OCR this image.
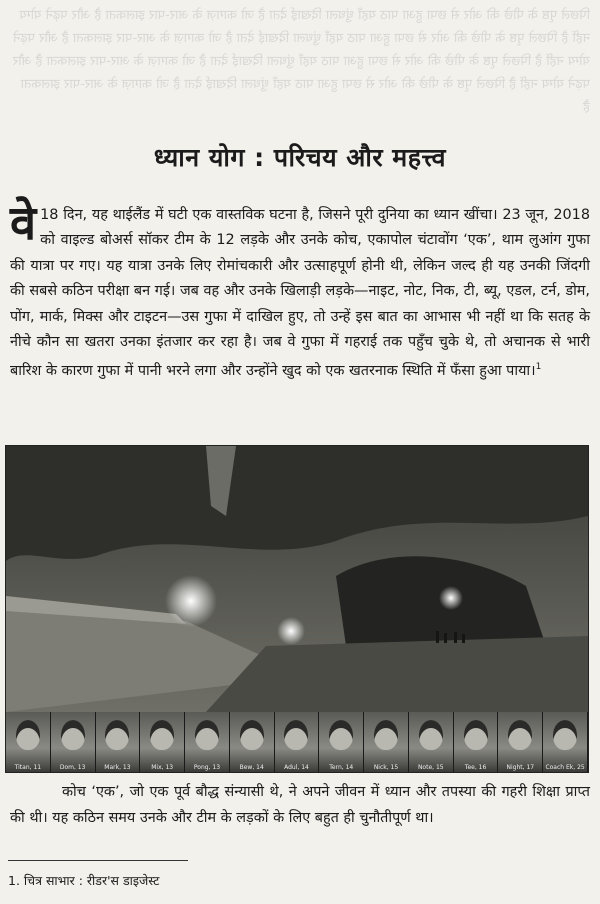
पिछले पृष्ठ के पीछे की ओर से छपा हुआ पाठ यहाँ धुंधला दिखाई देता है जो कागज़ के आर-पार झलकता है और पढ़ने योग्य नहीं है पिछले पृष्ठ के पीछे की ओर से छपा हुआ पाठ यहाँ धुंधला दिखाई देता है जो कागज़ के आर-पार झलकता है और पढ़ने योग्य नहीं है पिछले पृष्ठ के पीछे की ओर से छपा हुआ पाठ यहाँ धुंधला दिखाई देता है जो कागज़ के आर-पार झलकता है और पढ़ने योग्य नहीं है पिछले पृष्ठ के पीछे की ओर से छपा हुआ पाठ यहाँ धुंधला दिखाई देता है जो कागज़ के आर-पार झलकता है
ध्यान योग : परिचय और महत्त्व

वे 18 दिन, यह थाईलैंड में घटी एक वास्तविक घटना है, जिसने पूरी दुनिया का ध्यान खींचा। 23 जून, 2018 को वाइल्ड बोअर्स सॉकर टीम के 12 लड़के और उनके कोच, एकापोल चंटावोंग ‘एक’, थाम लुआंग गुफा की यात्रा पर गए। यह यात्रा उनके लिए रोमांचकारी और उत्साहपूर्ण होनी थी, लेकिन जल्द ही यह उनकी जिंदगी की सबसे कठिन परीक्षा बन गई। जब वह और उनके खिलाड़ी लड़के—नाइट, नोट, निक, टी, ब्यू, एडल, टर्न, डोम, पोंग, मार्क, मिक्स और टाइटन—उस गुफा में दाखिल हुए, तो उन्हें इस बात का आभास भी नहीं था कि सतह के नीचे कौन सा खतरा उनका इंतजार कर रहा है। जब वे गुफा में गहराई तक पहुँच चुके थे, तो अचानक से भारी बारिश के कारण गुफा में पानी भरने लगा और उन्होंने खुद को एक खतरनाक स्थिति में फँसा हुआ पाया।$^1$

Titan, 11	Dom, 13	Mark, 13	Mix, 13	Pong, 13	Bew, 14	Adul, 14	Tern, 14	Nick, 15	Note, 15	Tee, 16	Night, 17	Coach Ek, 25

कोच ‘एक’, जो एक पूर्व बौद्ध संन्यासी थे, ने अपने जीवन में ध्यान और तपस्या की गहरी शिक्षा प्राप्त की थी। यह कठिन समय उनके और टीम के लड़कों के लिए बहुत ही चुनौतीपूर्ण था।

1. चित्र साभार : रीडर'स डाइजेस्ट
